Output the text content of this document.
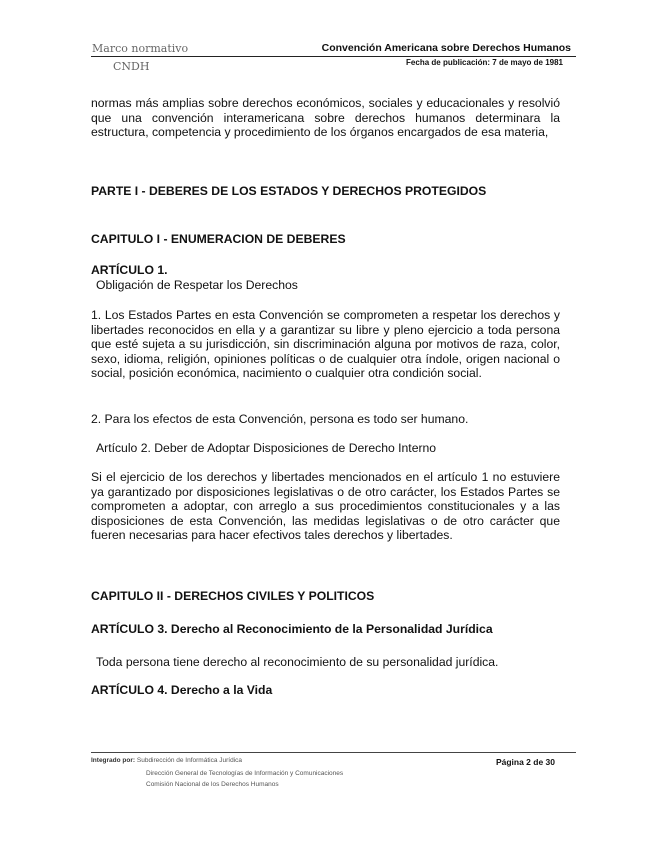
Marco normativo
CNDH
Convención Americana sobre Derechos Humanos
Fecha de publicación: 7 de mayo de 1981
normas más amplias sobre derechos económicos, sociales y educacionales y resolvió que una convención interamericana sobre derechos humanos determinara la estructura, competencia y procedimiento de los órganos encargados de esa materia,
PARTE I - DEBERES DE LOS ESTADOS Y DERECHOS PROTEGIDOS
CAPITULO I - ENUMERACION DE DEBERES
ARTÍCULO 1.
Obligación de Respetar los Derechos
1. Los Estados Partes en esta Convención se comprometen a respetar los derechos y libertades reconocidos en ella y a garantizar su libre y pleno ejercicio a toda persona que esté sujeta a su jurisdicción, sin discriminación alguna por motivos de raza, color, sexo, idioma, religión, opiniones políticas o de cualquier otra índole, origen nacional o social, posición económica, nacimiento o cualquier otra condición social.
2. Para los efectos de esta Convención, persona es todo ser humano.
Artículo 2. Deber de Adoptar Disposiciones de Derecho Interno
Si el ejercicio de los derechos y libertades mencionados en el artículo 1 no estuviere ya garantizado por disposiciones legislativas o de otro carácter, los Estados Partes se comprometen a adoptar, con arreglo a sus procedimientos constitucionales y a las disposiciones de esta Convención, las medidas legislativas o de otro carácter que fueren necesarias para hacer efectivos tales derechos y libertades.
CAPITULO II - DERECHOS CIVILES Y POLITICOS
ARTÍCULO 3. Derecho al Reconocimiento de la Personalidad Jurídica
Toda persona tiene derecho al reconocimiento de su personalidad jurídica.
ARTÍCULO 4. Derecho a la Vida
Integrado por: Subdirección de Informática Jurídica
Dirección General de Tecnologías de Información y Comunicaciones
Comisión Nacional de los Derechos Humanos
Página 2 de 30
